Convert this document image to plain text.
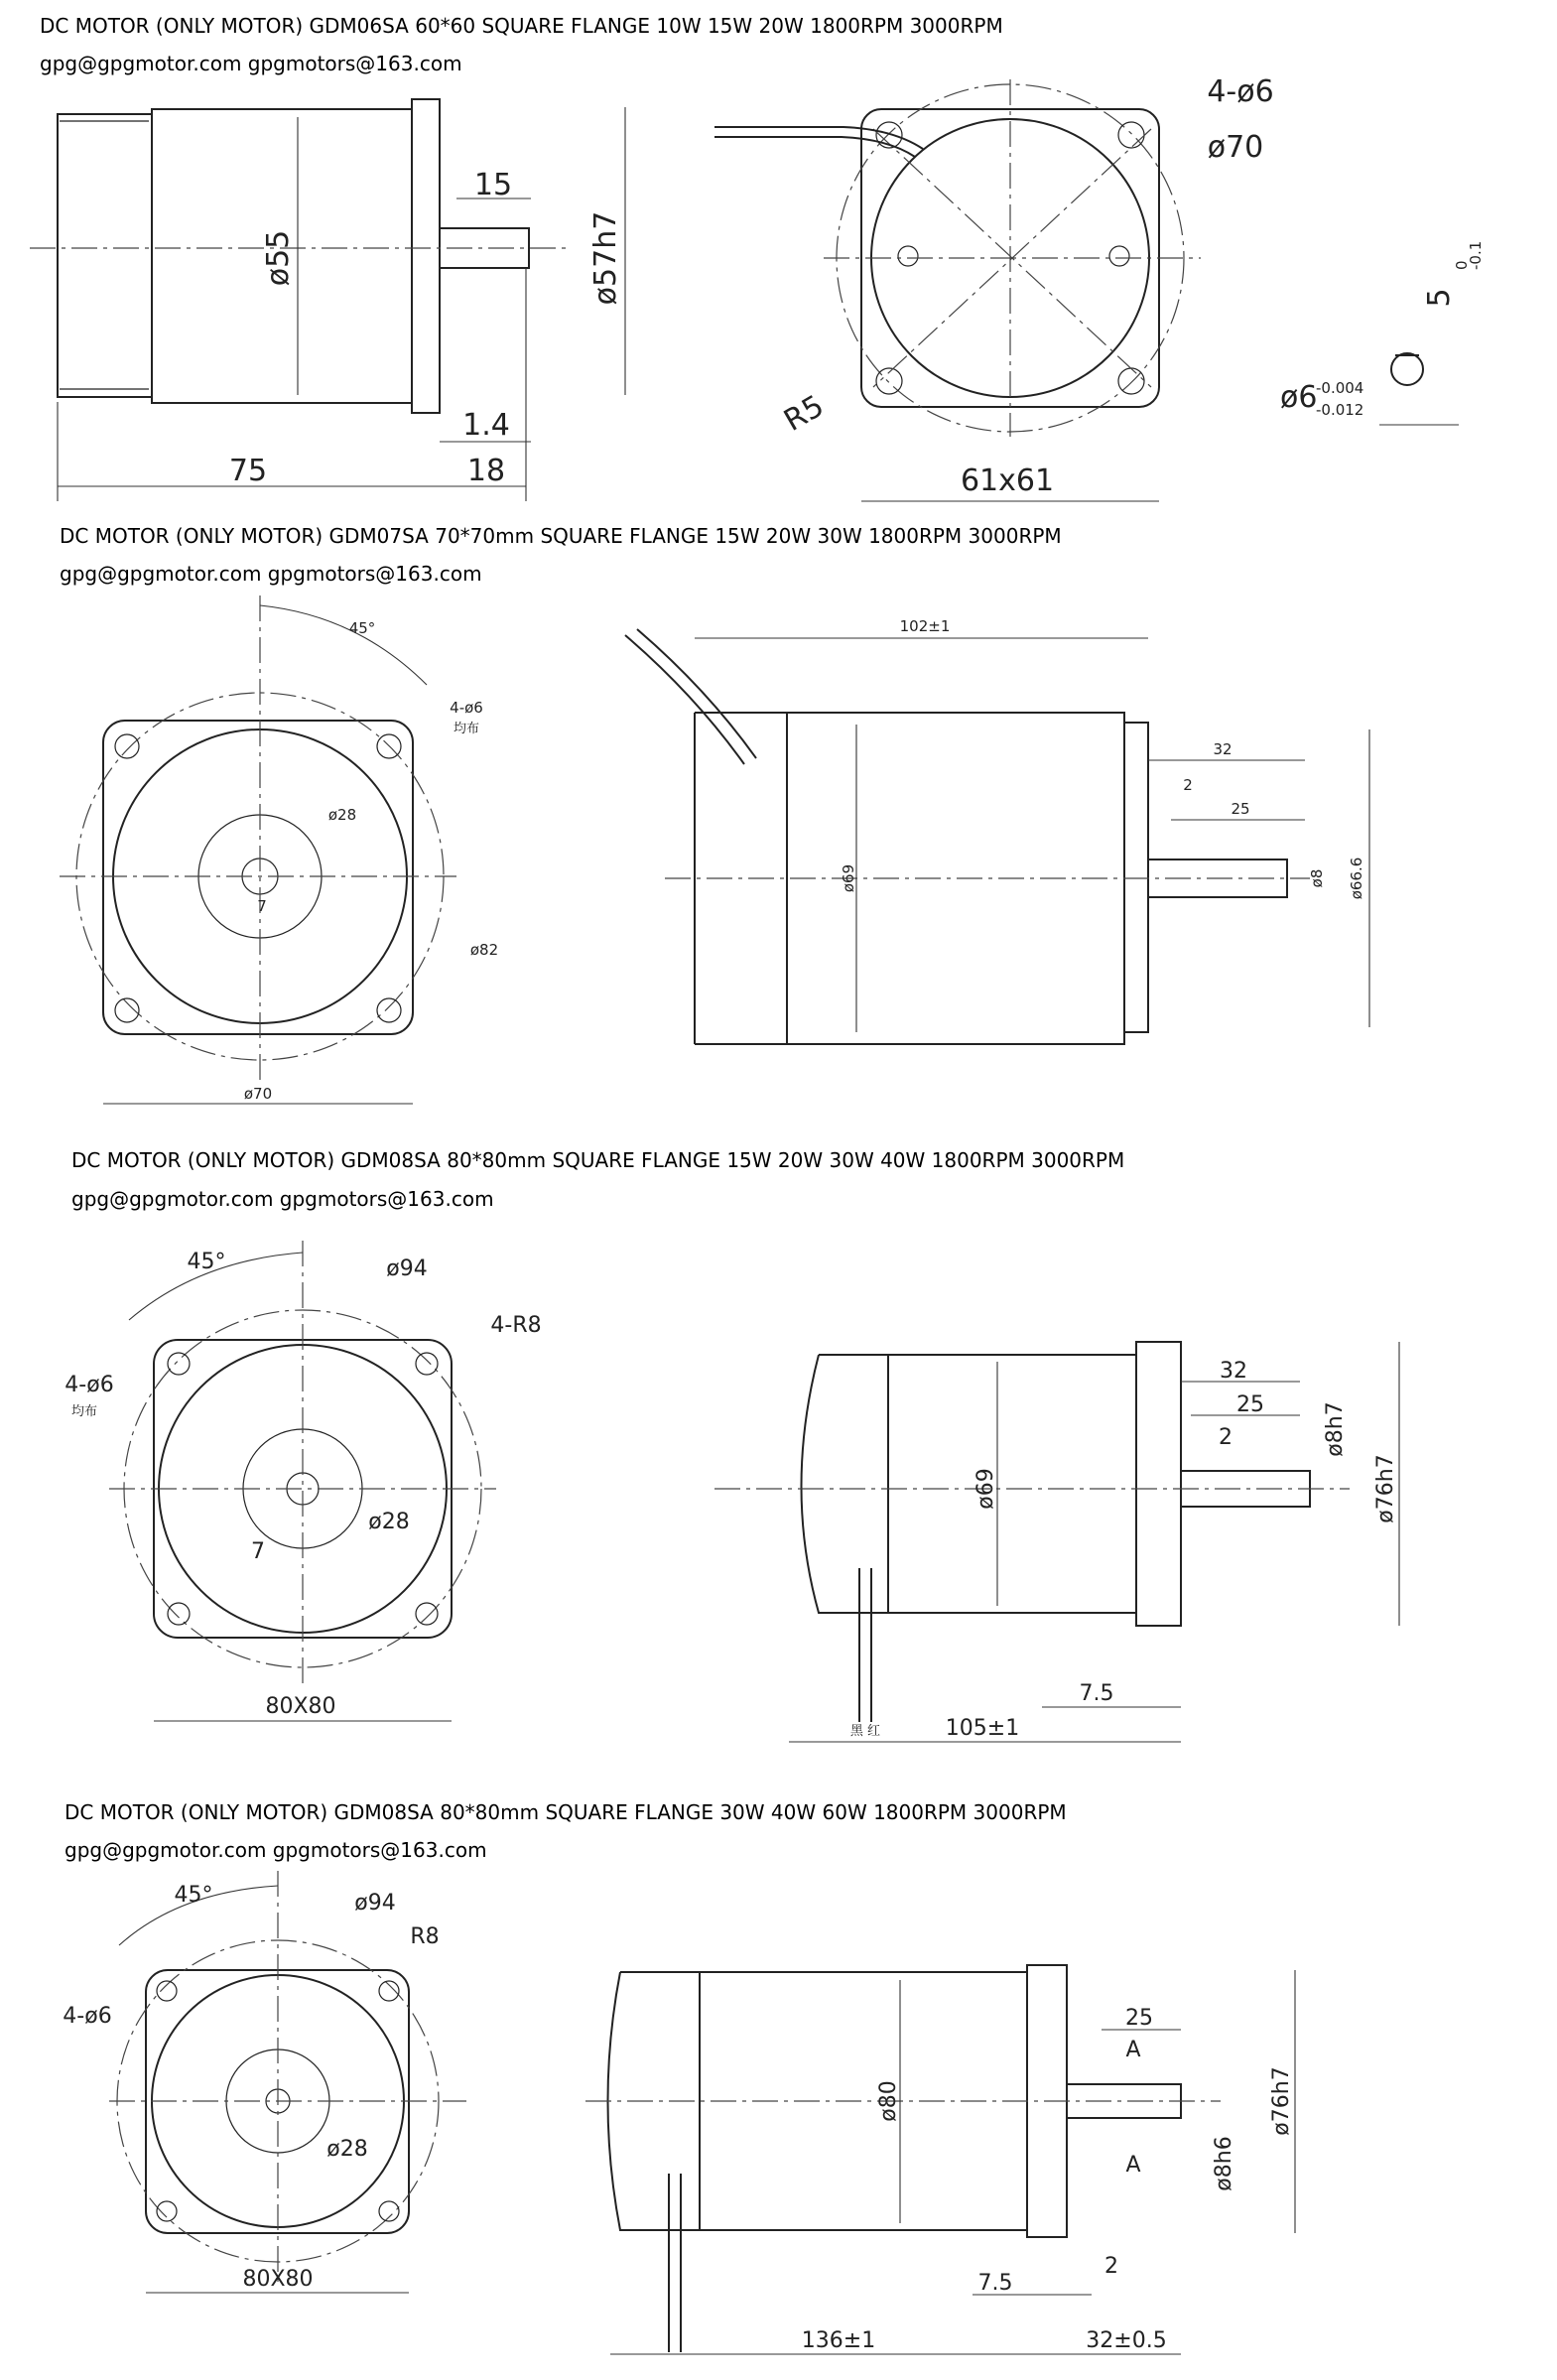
DC MOTOR (ONLY MOTOR) GDM06SA 60*60 SQUARE FLANGE 10W 15W 20W 1800RPM 3000RPM
gpg@gpgmotor.com gpgmotors@163.com
DC MOTOR (ONLY MOTOR) GDM07SA 70*70mm SQUARE FLANGE 15W 20W 30W 1800RPM 3000RPM
gpg@gpgmotor.com gpgmotors@163.com
DC MOTOR (ONLY MOTOR) GDM08SA 80*80mm SQUARE FLANGE 15W 20W 30W 40W 1800RPM 3000RPM
gpg@gpgmotor.com gpgmotors@163.com
DC MOTOR (ONLY MOTOR) GDM08SA 80*80mm SQUARE FLANGE 30W 40W 60W 1800RPM 3000RPM
gpg@gpgmotor.com gpgmotors@163.com
ø55	ø57h7
15
1.4
75	18
4-ø6
ø70
R5
61x61
5
0
-0.1
ø6
-0.004
-0.012
45°
4-ø6
均布
ø28
7
ø82
ø70
102±1
32
2
25
ø69	ø8 ø66.6
45°	ø94
4-R8
4-ø6
均布
ø28
7
80X80
黑 红
32
25
2	ø8h7
ø76h7
ø69
7.5
105±1
45°	ø94
R8
4-ø6
ø28
80X80
25
A
A
ø80	ø76h7
ø8h6
2
7.5
136±1	32±0.5
